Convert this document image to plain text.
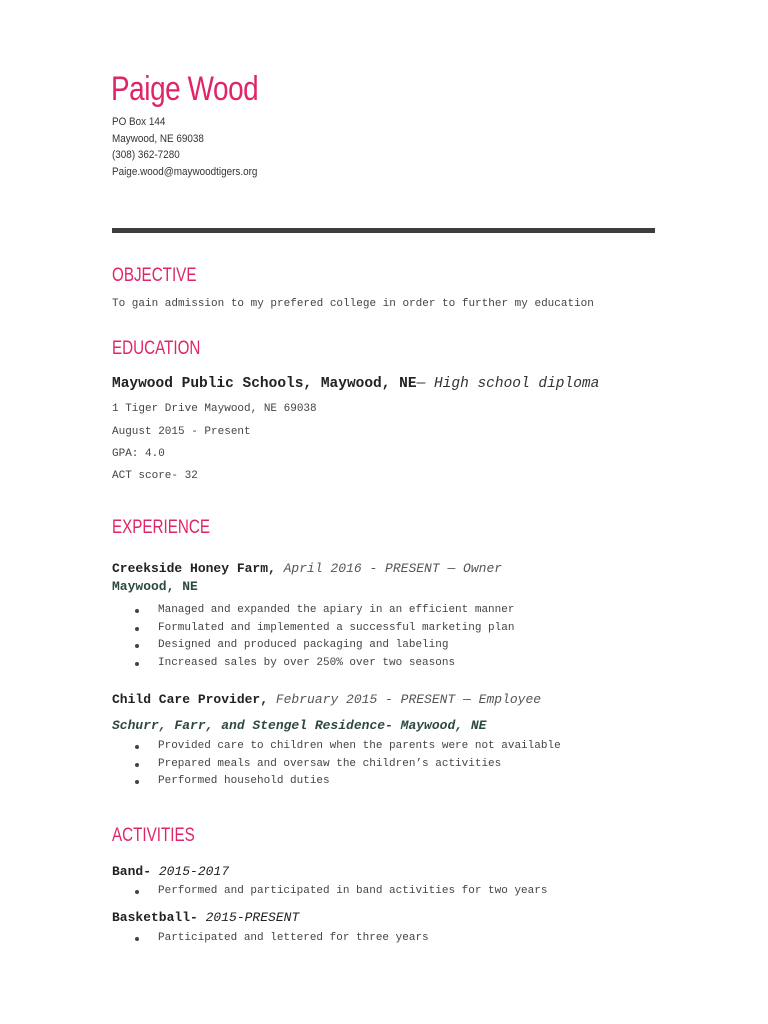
Paige Wood
PO Box 144
Maywood, NE 69038
(308) 362-7280
Paige.wood@maywoodtigers.org
OBJECTIVE
To gain admission to my prefered college in order to further my education
EDUCATION
Maywood Public Schools, Maywood, NE— High school diploma
1 Tiger Drive Maywood, NE 69038
August 2015 - Present
GPA: 4.0
ACT score- 32
EXPERIENCE
Creekside Honey Farm, April 2016 - PRESENT — Owner
Maywood, NE
Managed and expanded the apiary in an efficient manner
Formulated and implemented a successful marketing plan
Designed and produced packaging and labeling
Increased sales by over 250% over two seasons
Child Care Provider, February 2015 - PRESENT — Employee
Schurr, Farr, and Stengel Residence- Maywood, NE
Provided care to children when the parents were not available
Prepared meals and oversaw the children’s activities
Performed household duties
ACTIVITIES
Band- 2015-2017
Performed and participated in band activities for two years
Basketball- 2015-PRESENT
Participated and lettered for three years
